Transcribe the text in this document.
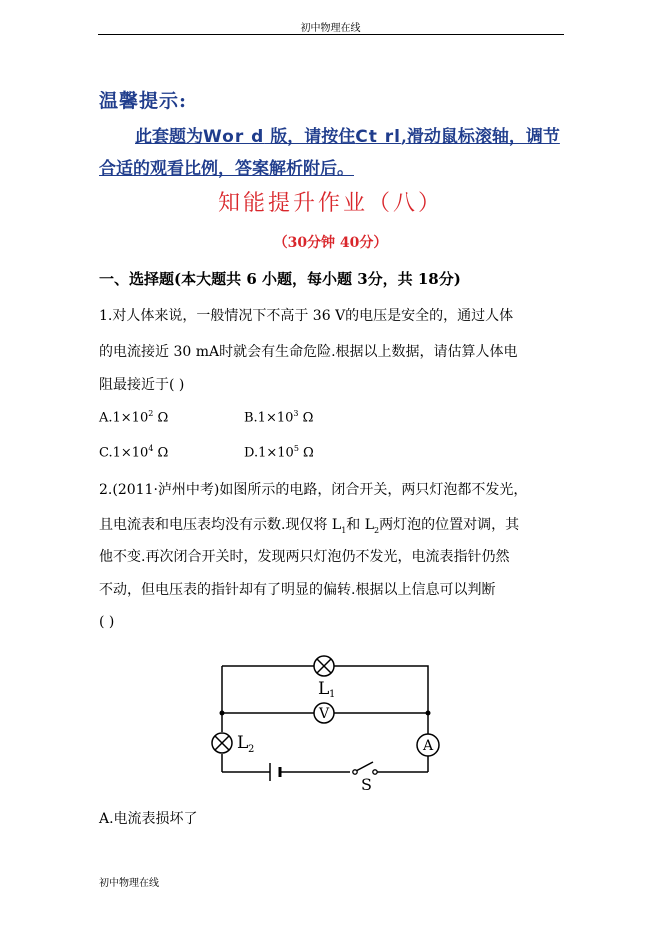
初中物理在线
温馨提示:
此套题为Wor d 版，请按住Ct rl,滑动鼠标滚轴，调节
合适的观看比例，答案解析附后。
知能提升作业（八）
（30分钟 40分）
一、选择题(本大题共 6 小题，每小题 3分，共 18分)
1.对人体来说，一般情况下不高于 36 V的电压是安全的，通过人体
的电流接近 30 mA时就会有生命危险.根据以上数据，请估算人体电
阻最接近于( )
$A.1\times 10^2$ Ω	$B.1\times 10^3$ Ω
$C.1\times 10^4$ Ω	$D.1\times 10^5$ Ω
2.(2011·泸州中考)如图所示的电路，闭合开关，两只灯泡都不发光，
且电流表和电压表均没有示数.现仅将 $L_1$和 $L_2$两灯泡的位置对调，其
他不变.再次闭合开关时，发现两只灯泡仍不发光，电流表指针仍然
不动，但电压表的指针却有了明显的偏转.根据以上信息可以判断
( )
V
A
L 1
L 2
S
A.电流表损坏了
初中物理在线
